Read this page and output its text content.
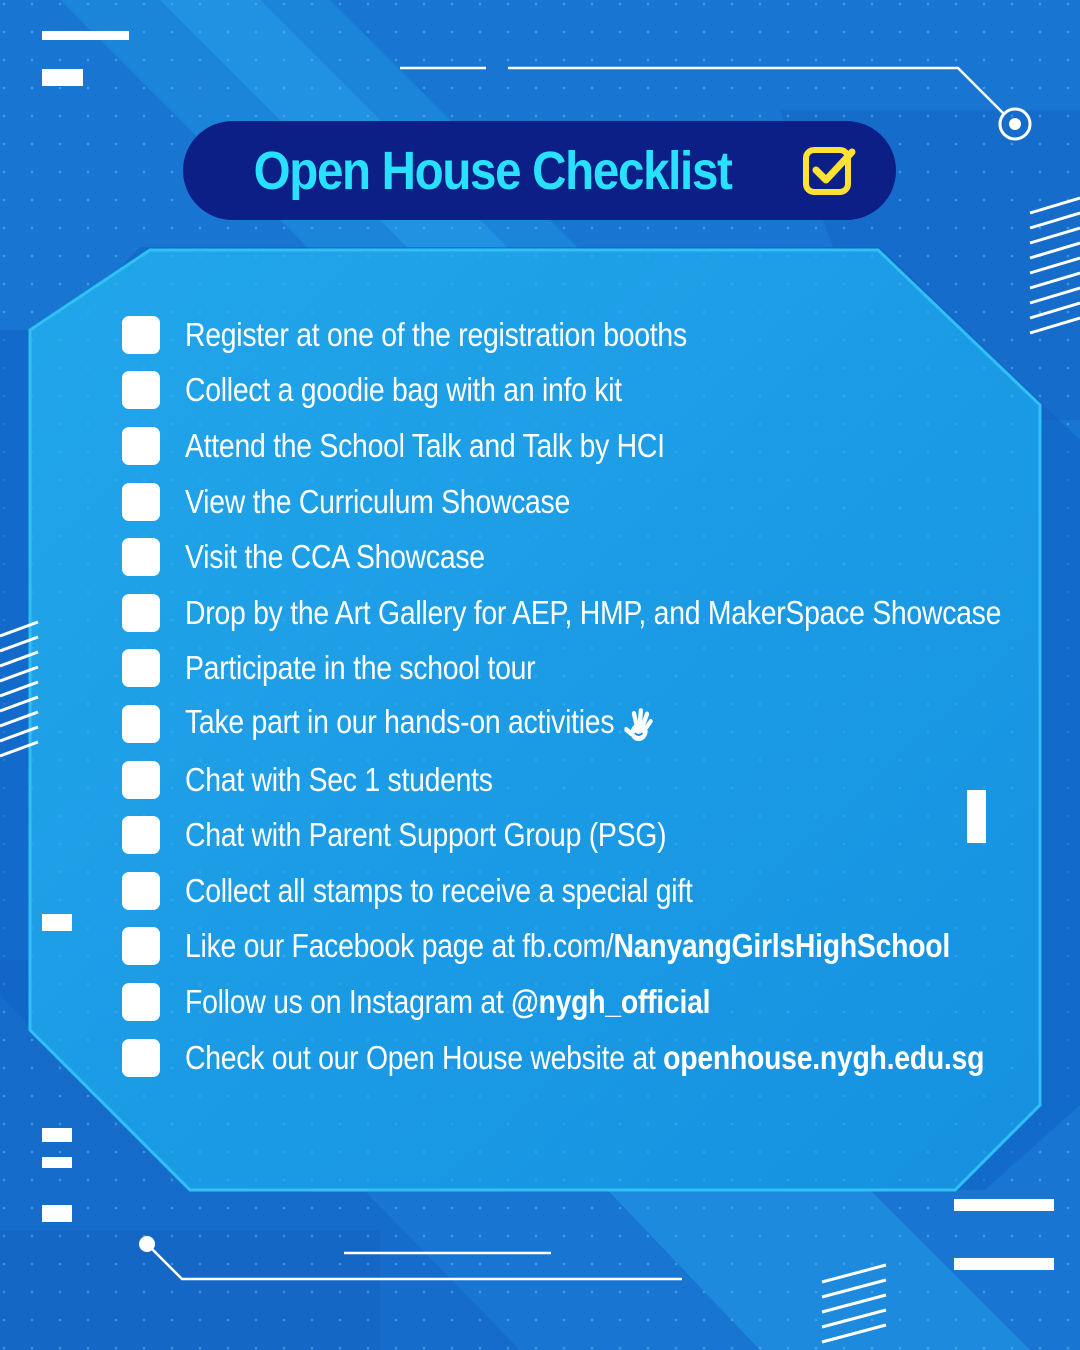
Open House Checklist
Register at one of the registration booths
Collect a goodie bag with an info kit
Attend the School Talk and Talk by HCI
View the Curriculum Showcase
Visit the CCA Showcase
Drop by the Art Gallery for AEP, HMP, and MakerSpace Showcase
Participate in the school tour
Take part in our hands-on activities
Chat with Sec 1 students
Chat with Parent Support Group (PSG)
Collect all stamps to receive a special gift
Like our Facebook page at fb.com/NanyangGirlsHighSchool
Follow us on Instagram at @nygh_official
Check out our Open House website at openhouse.nygh.edu.sg
